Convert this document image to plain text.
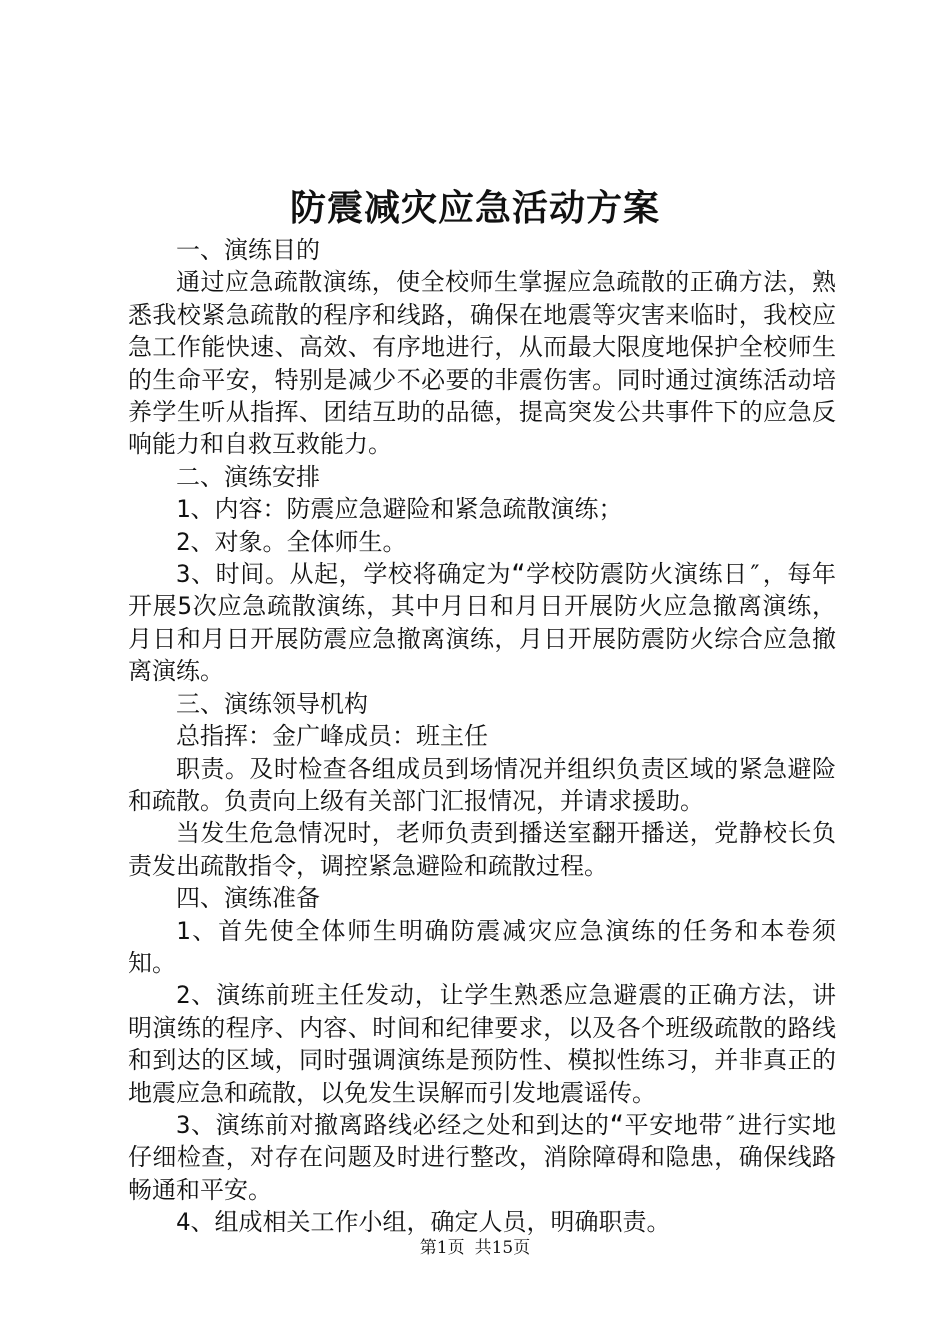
防震减灾应急活动方案

一、演练目的

通过应急疏散演练，使全校师生掌握应急疏散的正确方法，熟悉我校紧急疏散的程序和线路，确保在地震等灾害来临时，我校应急工作能快速、高效、有序地进行，从而最大限度地保护全校师生的生命平安，特别是减少不必要的非震伤害。同时通过演练活动培养学生听从指挥、团结互助的品德，提高突发公共事件下的应急反响能力和自救互救能力。

二、演练安排

1、内容：防震应急避险和紧急疏散演练；

2、对象。全体师生。

3、时间。从起，学校将确定为“学校防震防火演练日″，每年开展5次应急疏散演练，其中月日和月日开展防火应急撤离演练，月日和月日开展防震应急撤离演练，月日开展防震防火综合应急撤离演练。

三、演练领导机构

总指挥：金广峰成员：班主任

职责。及时检查各组成员到场情况并组织负责区域的紧急避险和疏散。负责向上级有关部门汇报情况，并请求援助。

当发生危急情况时，老师负责到播送室翻开播送，党静校长负责发出疏散指令，调控紧急避险和疏散过程。

四、演练准备

1、首先使全体师生明确防震减灾应急演练的任务和本卷须知。

2、演练前班主任发动，让学生熟悉应急避震的正确方法，讲明演练的程序、内容、时间和纪律要求，以及各个班级疏散的路线和到达的区域，同时强调演练是预防性、模拟性练习，并非真正的地震应急和疏散，以免发生误解而引发地震谣传。

3、演练前对撤离路线必经之处和到达的“平安地带″进行实地仔细检查，对存在问题及时进行整改，消除障碍和隐患，确保线路畅通和平安。

4、组成相关工作小组，确定人员，明确职责。

第1页 共15页
